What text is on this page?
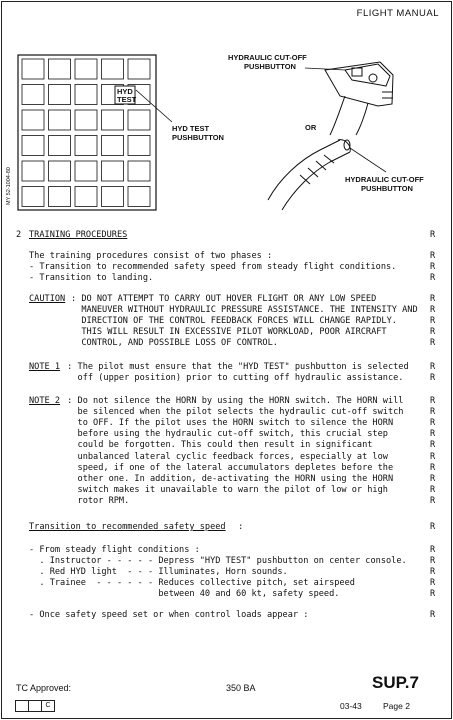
FLIGHT MANUAL
HYD
TEST
HYD TEST
PUSHBUTTON
HYDRAULIC CUT-OFF
PUSHBUTTON
OR
HYDRAULIC CUT-OFF
PUSHBUTTON
MY 52-1004-80
2 TRAINING PROCEDURES	R
The training procedures consist of two phases :	R
- Transition to recommended safety speed from steady flight conditions.	R
- Transition to landing.	R
CAUTION : DO NOT ATTEMPT TO CARRY OUT HOVER FLIGHT OR ANY LOW SPEED	R
MANEUVER WITHOUT HYDRAULIC PRESSURE ASSISTANCE. THE INTENSITY AND R
DIRECTION OF THE CONTROL FEEDBACK FORCES WILL CHANGE RAPIDLY.	R
THIS WILL RESULT IN EXCESSIVE PILOT WORKLOAD, POOR AIRCRAFT	R
CONTROL, AND POSSIBLE LOSS OF CONTROL.	R
NOTE 1 : The pilot must ensure that the "HYD TEST" pushbutton is selected R
off (upper position) prior to cutting off hydraulic assistance.	R
NOTE 2 : Do not silence the HORN by using the HORN switch. The HORN will	R
be silenced when the pilot selects the hydraulic cut-off switch	R
to OFF. If the pilot uses the HORN switch to silence the HORN	R
before using the hydraulic cut-off switch, this crucial step	R
could be forgotten. This could then result in significant	R
unbalanced lateral cyclic feedback forces, especially at low	R
speed, if one of the lateral accumulators depletes before the	R
other one. In addition, de-activating the HORN using the HORN	R
switch makes it unavailable to warn the pilot of low or high	R
rotor RPM.	R
Transition to recommended safety speed :	R
- From steady flight conditions :	R
. Instructor - - - - - Depress "HYD TEST" pushbutton on center console.	R
. Red HYD light  - - - Illuminates, Horn sounds.	R
. Trainee  - - - - - - Reduces collective pitch, set airspeed	R
between 40 and 60 kt, safety speed.	R
- Once safety speed set or when control loads appear :	R
TC Approved:	350 BA	SUP.7
03-43	Page 2
C
